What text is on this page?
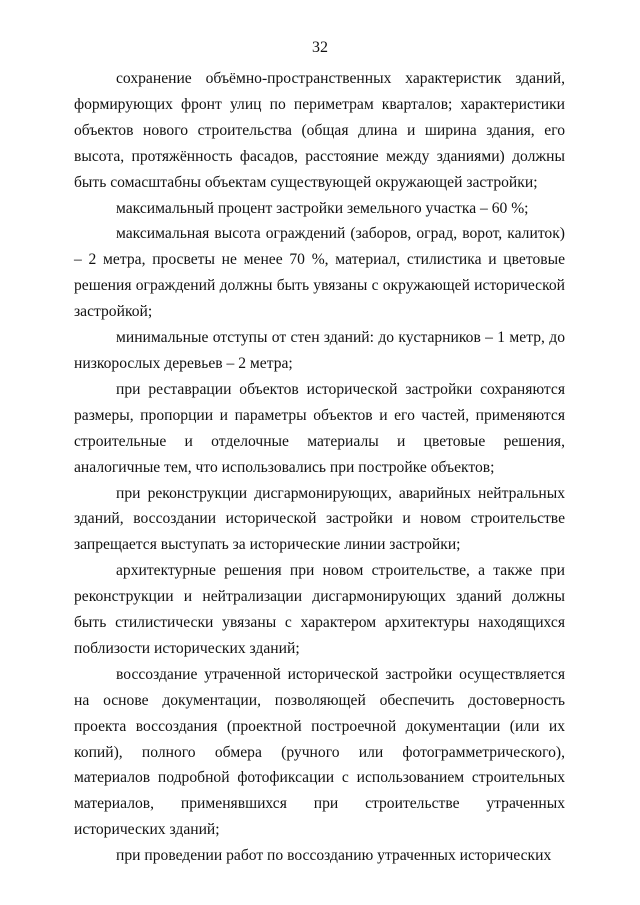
32

сохранение объёмно-пространственных характеристик зданий, формирующих фронт улиц по периметрам кварталов; характеристики объектов нового строительства (общая длина и ширина здания, его высота, протяжённость фасадов, расстояние между зданиями) должны быть сомасштабны объектам существующей окружающей застройки;

максимальный процент застройки земельного участка – 60 %;

максимальная высота ограждений (заборов, оград, ворот, калиток) – 2 метра, просветы не менее 70 %, материал, стилистика и цветовые решения ограждений должны быть увязаны с окружающей исторической застройкой;

минимальные отступы от стен зданий: до кустарников – 1 метр, до низкорослых деревьев – 2 метра;

при реставрации объектов исторической застройки сохраняются размеры, пропорции и параметры объектов и его частей, применяются строительные и отделочные материалы и цветовые решения, аналогичные тем, что использовались при постройке объектов;

при реконструкции дисгармонирующих, аварийных нейтральных зданий, воссоздании исторической застройки и новом строительстве запрещается выступать за исторические линии застройки;

архитектурные решения при новом строительстве, а также при реконструкции и нейтрализации дисгармонирующих зданий должны быть стилистически увязаны с характером архитектуры находящихся поблизости исторических зданий;

воссоздание утраченной исторической застройки осуществляется на основе документации, позволяющей обеспечить достоверность проекта воссоздания (проектной построечной документации (или их копий), полного обмера (ручного или фотограмметрического), материалов подробной фотофиксации с использованием строительных материалов, применявшихся при строительстве утраченных исторических зданий;

при проведении работ по воссозданию утраченных исторических
